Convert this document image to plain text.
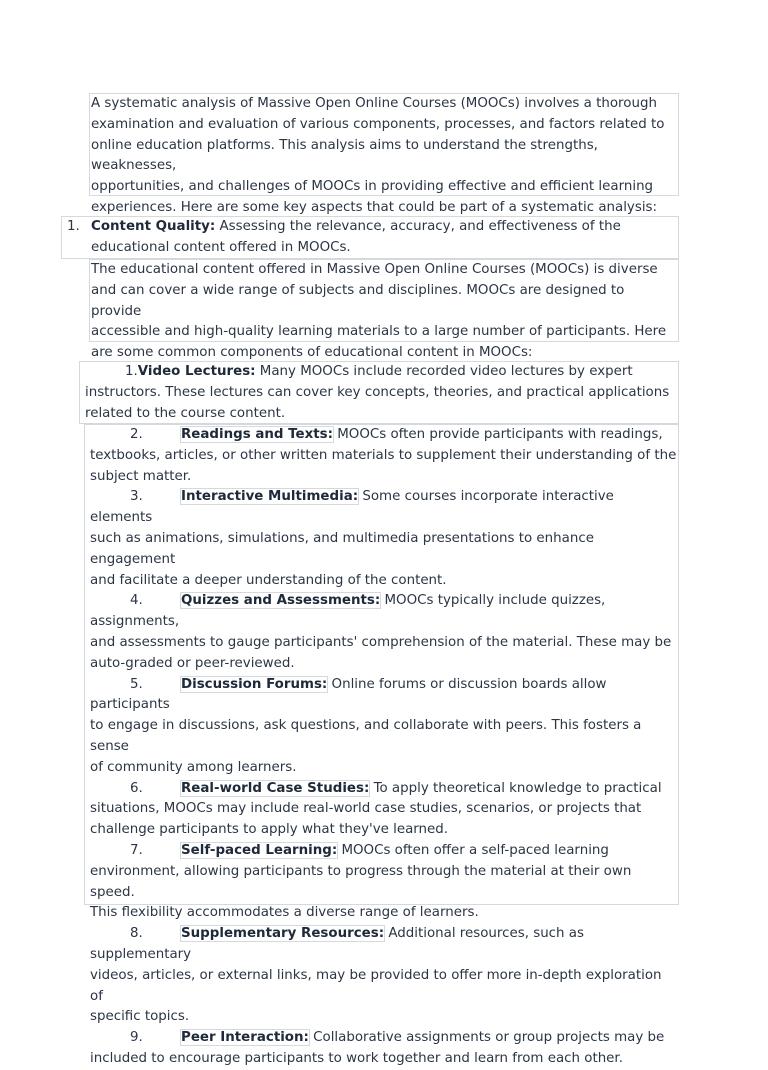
A systematic analysis of Massive Open Online Courses (MOOCs) involves a thorough
examination and evaluation of various components, processes, and factors related to
online education platforms. This analysis aims to understand the strengths, weaknesses,
opportunities, and challenges of MOOCs in providing effective and efficient learning
experiences. Here are some key aspects that could be part of a systematic analysis:
1. Content Quality: Assessing the relevance, accuracy, and effectiveness of the
educational content offered in MOOCs.
The educational content offered in Massive Open Online Courses (MOOCs) is diverse
and can cover a wide range of subjects and disciplines. MOOCs are designed to provide
accessible and high-quality learning materials to a large number of participants. Here
are some common components of educational content in MOOCs:
1.Video Lectures: Many MOOCs include recorded video lectures by expert
instructors. These lectures can cover key concepts, theories, and practical applications
related to the course content.
2.	Readings and Texts: MOOCs often provide participants with readings,
textbooks, articles, or other written materials to supplement their understanding of the
subject matter.
3.	Interactive Multimedia: Some courses incorporate interactive elements
such as animations, simulations, and multimedia presentations to enhance engagement
and facilitate a deeper understanding of the content.
4.	Quizzes and Assessments: MOOCs typically include quizzes, assignments,
and assessments to gauge participants' comprehension of the material. These may be
auto-graded or peer-reviewed.
5.	Discussion Forums: Online forums or discussion boards allow participants
to engage in discussions, ask questions, and collaborate with peers. This fosters a sense
of community among learners.
6.	Real-world Case Studies: To apply theoretical knowledge to practical
situations, MOOCs may include real-world case studies, scenarios, or projects that
challenge participants to apply what they've learned.
7.	Self-paced Learning: MOOCs often offer a self-paced learning
environment, allowing participants to progress through the material at their own speed.
This flexibility accommodates a diverse range of learners.
8.	Supplementary Resources: Additional resources, such as supplementary
videos, articles, or external links, may be provided to offer more in-depth exploration of
specific topics.
9.	Peer Interaction: Collaborative assignments or group projects may be
included to encourage participants to work together and learn from each other.
